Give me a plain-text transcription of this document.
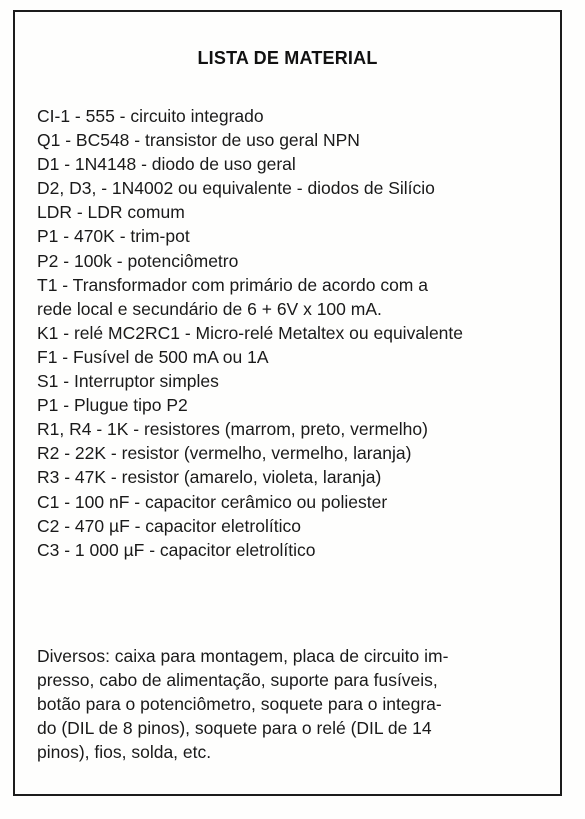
LISTA DE MATERIAL
CI-1 - 555 - circuito integrado
Q1 - BC548 - transistor de uso geral NPN
D1 - 1N4148 - diodo de uso geral
D2, D3, - 1N4002 ou equivalente - diodos de Silício
LDR - LDR comum
P1 - 470K - trim-pot
P2 - 100k - potenciômetro
T1 - Transformador com primário de acordo com a
rede local e secundário de 6 + 6V x 100 mA.
K1 - relé MC2RC1 - Micro-relé Metaltex ou equivalente
F1 - Fusível de 500 mA ou 1A
S1 - Interruptor simples
P1 - Plugue tipo P2
R1, R4 - 1K - resistores (marrom, preto, vermelho)
R2 - 22K - resistor (vermelho, vermelho, laranja)
R3 - 47K - resistor (amarelo, violeta, laranja)
C1 - 100 nF - capacitor cerâmico ou poliester
C2 - 470 µF - capacitor eletrolítico
C3 - 1 000 µF - capacitor eletrolítico
Diversos: caixa para montagem, placa de circuito im-
presso, cabo de alimentação, suporte para fusíveis,
botão para o potenciômetro, soquete para o integra-
do (DIL de 8 pinos), soquete para o relé (DIL de 14
pinos), fios, solda, etc.
